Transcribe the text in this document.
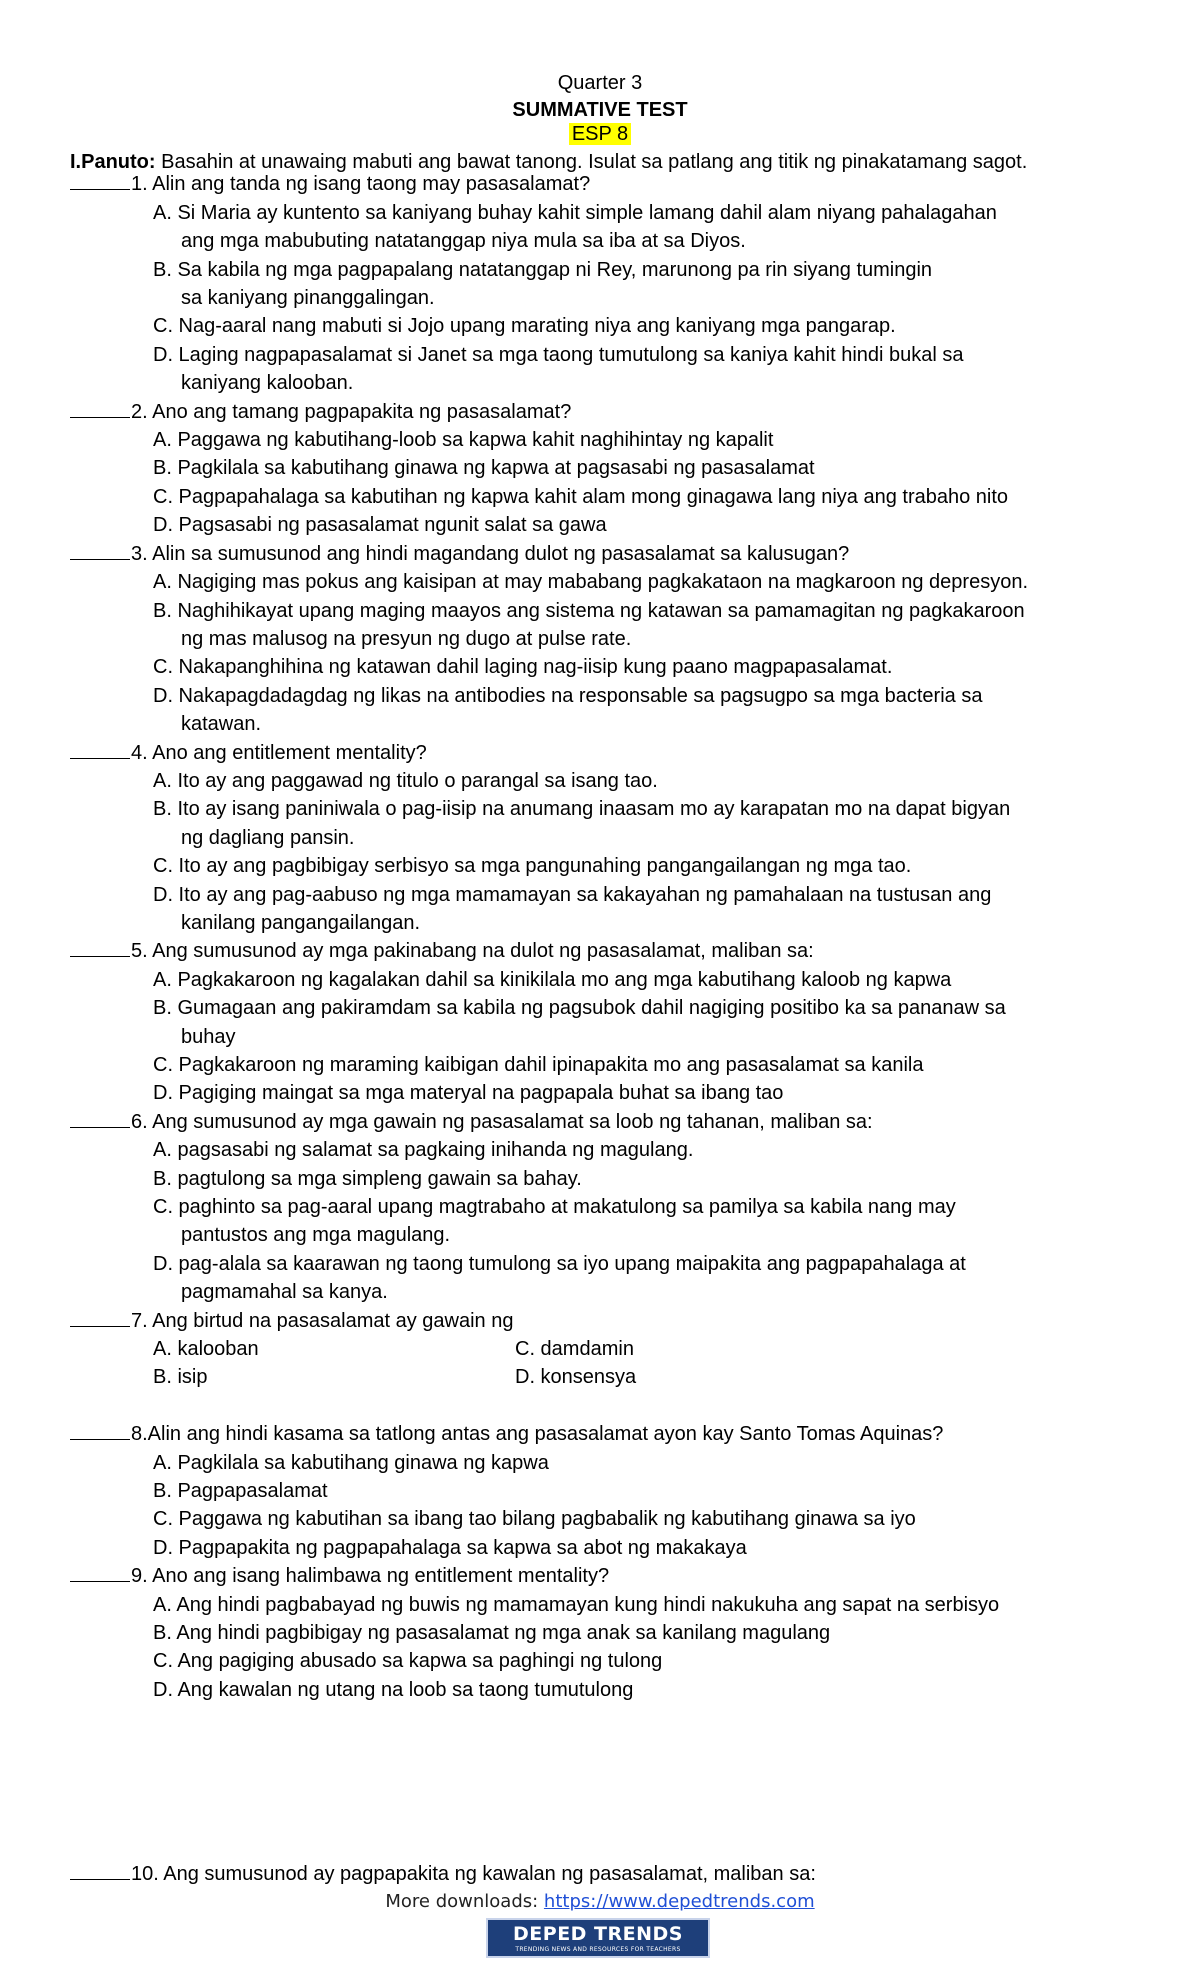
Quarter 3
SUMMATIVE TEST
ESP 8
I.Panuto: Basahin at unawaing mabuti ang bawat tanong. Isulat sa patlang ang titik ng pinakatamang sagot.
1. Alin ang tanda ng isang taong may pasasalamat?
A. Si Maria ay kuntento sa kaniyang buhay kahit simple lamang dahil alam niyang pahalagahan
ang mga mabubuting natatanggap niya mula sa iba at sa Diyos.
B. Sa kabila ng mga pagpapalang natatanggap ni Rey, marunong pa rin siyang tumingin
sa kaniyang pinanggalingan.
C. Nag-aaral nang mabuti si Jojo upang marating niya ang kaniyang mga pangarap.
D. Laging nagpapasalamat si Janet sa mga taong tumutulong sa kaniya kahit hindi bukal sa
kaniyang kalooban.
2. Ano ang tamang pagpapakita ng pasasalamat?
A. Paggawa ng kabutihang-loob sa kapwa kahit naghihintay ng kapalit
B. Pagkilala sa kabutihang ginawa ng kapwa at pagsasabi ng pasasalamat
C. Pagpapahalaga sa kabutihan ng kapwa kahit alam mong ginagawa lang niya ang trabaho nito
D. Pagsasabi ng pasasalamat ngunit salat sa gawa
3. Alin sa sumusunod ang hindi magandang dulot ng pasasalamat sa kalusugan?
A. Nagiging mas pokus ang kaisipan at may mababang pagkakataon na magkaroon ng depresyon.
B. Naghihikayat upang maging maayos ang sistema ng katawan sa pamamagitan ng pagkakaroon
ng mas malusog na presyun ng dugo at pulse rate.
C. Nakapanghihina ng katawan dahil laging nag-iisip kung paano magpapasalamat.
D. Nakapagdadagdag ng likas na antibodies na responsable sa pagsugpo sa mga bacteria sa
katawan.
4. Ano ang entitlement mentality?
A. Ito ay ang paggawad ng titulo o parangal sa isang tao.
B. Ito ay isang paniniwala o pag-iisip na anumang inaasam mo ay karapatan mo na dapat bigyan
ng dagliang pansin.
C. Ito ay ang pagbibigay serbisyo sa mga pangunahing pangangailangan ng mga tao.
D. Ito ay ang pag-aabuso ng mga mamamayan sa kakayahan ng pamahalaan na tustusan ang
kanilang pangangailangan.
5. Ang sumusunod ay mga pakinabang na dulot ng pasasalamat, maliban sa:
A. Pagkakaroon ng kagalakan dahil sa kinikilala mo ang mga kabutihang kaloob ng kapwa
B. Gumagaan ang pakiramdam sa kabila ng pagsubok dahil nagiging positibo ka sa pananaw sa
buhay
C. Pagkakaroon ng maraming kaibigan dahil ipinapakita mo ang pasasalamat sa kanila
D. Pagiging maingat sa mga materyal na pagpapala buhat sa ibang tao
6. Ang sumusunod ay mga gawain ng pasasalamat sa loob ng tahanan, maliban sa:
A. pagsasabi ng salamat sa pagkaing inihanda ng magulang.
B. pagtulong sa mga simpleng gawain sa bahay.
C. paghinto sa pag-aaral upang magtrabaho at makatulong sa pamilya sa kabila nang may
pantustos ang mga magulang.
D. pag-alala sa kaarawan ng taong tumulong sa iyo upang maipakita ang pagpapahalaga at
pagmamahal sa kanya.
7. Ang birtud na pasasalamat ay gawain ng
A. kalooban	C. damdamin
B. isip	D. konsensya
8.Alin ang hindi kasama sa tatlong antas ang pasasalamat ayon kay Santo Tomas Aquinas?
A. Pagkilala sa kabutihang ginawa ng kapwa
B. Pagpapasalamat
C. Paggawa ng kabutihan sa ibang tao bilang pagbabalik ng kabutihang ginawa sa iyo
D. Pagpapakita ng pagpapahalaga sa kapwa sa abot ng makakaya
9. Ano ang isang halimbawa ng entitlement mentality?
A. Ang hindi pagbabayad ng buwis ng mamamayan kung hindi nakukuha ang sapat na serbisyo
B. Ang hindi pagbibigay ng pasasalamat ng mga anak sa kanilang magulang
C. Ang pagiging abusado sa kapwa sa paghingi ng tulong
D. Ang kawalan ng utang na loob sa taong tumutulong
10. Ang sumusunod ay pagpapakita ng kawalan ng pasasalamat, maliban sa:
More downloads: https://www.depedtrends.com
DEPED TRENDS
TRENDING NEWS AND RESOURCES FOR TEACHERS
